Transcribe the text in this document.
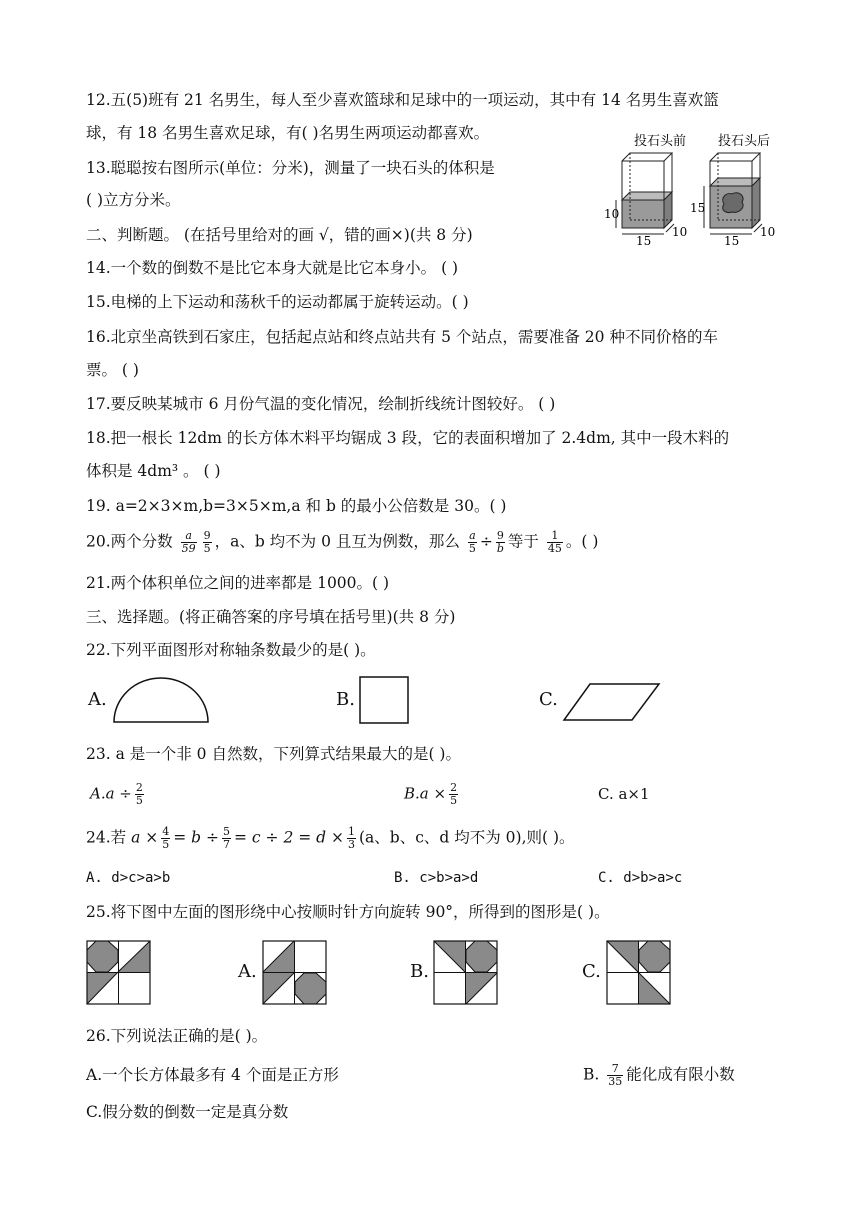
12.五(5)班有 21 名男生，每人至少喜欢篮球和足球中的一项运动，其中有 14 名男生喜欢篮
球，有 18 名男生喜欢足球，有( )名男生两项运动都喜欢。
13.聪聪按右图所示(单位：分米)，测量了一块石头的体积是
( )立方分米。
投石头前 投石头后
10
15
10
15
15
10
二、判断题。 (在括号里给对的画 √，错的画×)(共 8 分)
14.一个数的倒数不是比它本身大就是比它本身小。 ( )
15.电梯的上下运动和荡秋千的运动都属于旋转运动。( )
16.北京坐高铁到石家庄，包括起点站和终点站共有 5 个站点，需要准备 20 种不同价格的车
票。 ( )
17.要反映某城市 6 月份气温的变化情况，绘制折线统计图较好。 ( )
18.把一根长 12dm 的长方体木料平均锯成 3 段，它的表面积增加了 2.4dm, 其中一段木料的
体积是 4dm³ 。 ( )
19. a=2×3×m,b=3×5×m,a 和 b 的最小公倍数是 30。( )
20.两个分数 $\frac{a}{59} \frac{9}{5}$ ，a、b 均不为 0 且互为例数，那么 $\frac{a}{5} \div \frac{9}{b}$ 等于 $\frac{1}{45}$ 。( )
21.两个体积单位之间的进率都是 1000。( )
三、选择题。(将正确答案的序号填在括号里)(共 8 分)
22.下列平面图形对称轴条数最少的是( )。
A.	B.	C.
23. a 是一个非 0 自然数，下列算式结果最大的是( )。
$A.a \div \frac{2}{5}$	$B.a \times \frac{2}{5}$	C. a×1
24.若 $a \times \frac{4}{5} = b \div \frac{5}{7} = c \div 2 = d \times \frac{1}{3} (a$、b、c、d 均不为 0),则( )。
A. d>c>a>b	B. c>b>a>d	C. d>b>a>c
25.将下图中左面的图形绕中心按顺时针方向旋转 90°，所得到的图形是( )。
A.	B.	C.
26.下列说法正确的是( )。
A.一个长方体最多有 4 个面是正方形	B. $\frac{7}{35}$ 能化成有限小数
C.假分数的倒数一定是真分数
